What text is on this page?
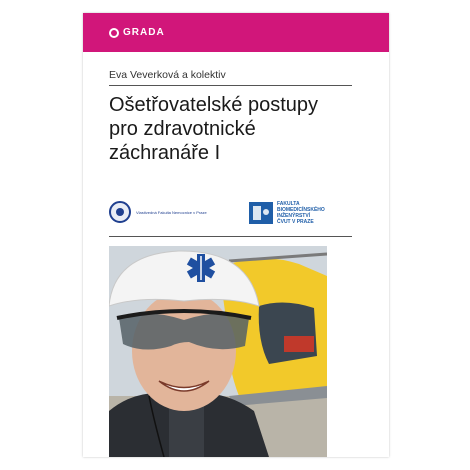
GRADA
Eva Veverková a kolektiv
Ošetřovatelské postupy
pro zdravotnické
záchranáře I
Vlastivedná Fakulta Nemocnice v Praze
FAKULTA
BIOMEDICÍNSKÉHO
INŽENÝRSTVÍ
ČVUT V PRAZE
